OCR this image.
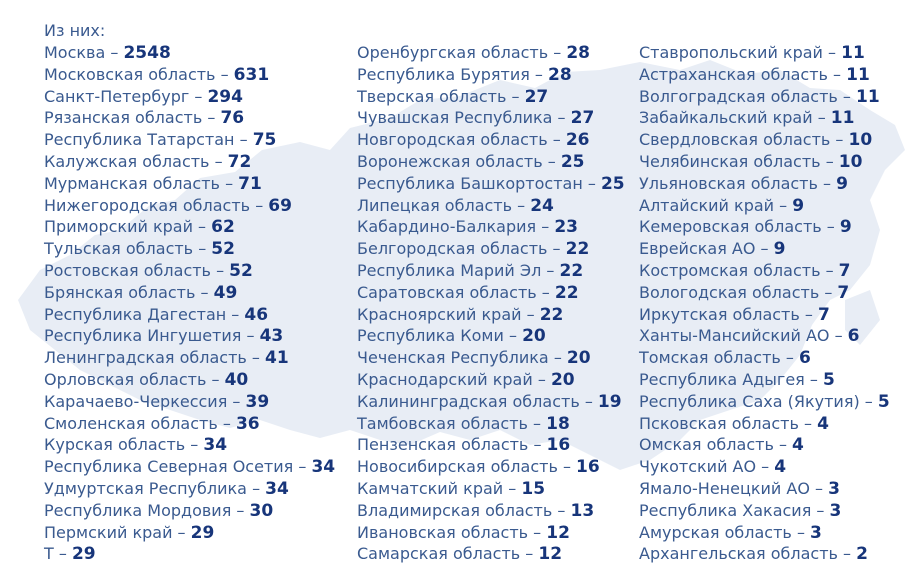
Из них:
Москва – 2548
Московская область – 631
Санкт-Петербург – 294
Рязанская область – 76
Республика Татарстан – 75
Калужская область – 72
Мурманская область – 71
Нижегородская область – 69
Приморский край – 62
Тульская область – 52
Ростовская область – 52
Брянская область – 49
Республика Дагестан – 46
Республика Ингушетия – 43
Ленинградская область – 41
Орловская область – 40
Карачаево-Черкессия – 39
Смоленская область – 36
Курская область – 34
Республика Северная Осетия – 34
Удмуртская Республика – 34
Республика Мордовия – 30
Пермский край – 29
Т – 29
Оренбургская область – 28
Республика Бурятия – 28
Тверская область – 27
Чувашская Республика – 27
Новгородская область – 26
Воронежская область – 25
Республика Башкортостан – 25
Липецкая область – 24
Кабардино-Балкария – 23
Белгородская область – 22
Республика Марий Эл – 22
Саратовская область – 22
Красноярский край – 22
Республика Коми – 20
Чеченская Республика – 20
Краснодарский край – 20
Калининградская область – 19
Тамбовская область – 18
Пензенская область – 16
Новосибирская область – 16
Камчатский край – 15
Владимирская область – 13
Ивановская область – 12
Самарская область – 12
Ставропольский край – 11
Астраханская область – 11
Волгоградская область – 11
Забайкальский край – 11
Свердловская область – 10
Челябинская область – 10
Ульяновская область – 9
Алтайский край – 9
Кемеровская область – 9
Еврейская АО – 9
Костромская область – 7
Вологодская область – 7
Иркутская область – 7
Ханты-Мансийский АО – 6
Томская область – 6
Республика Адыгея – 5
Республика Саха (Якутия) – 5
Псковская область – 4
Омская область – 4
Чукотский АО – 4
Ямало-Ненецкий АО – 3
Республика Хакасия – 3
Амурская область – 3
Архангельская область – 2
